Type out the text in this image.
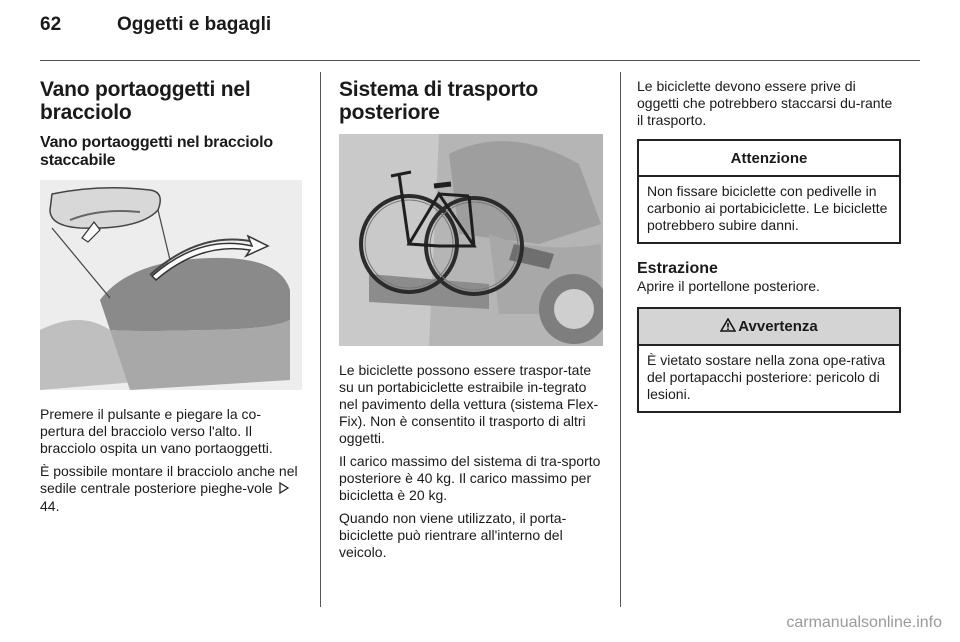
62	Oggetti e bagagli
Vano portaoggetti nel bracciolo
Vano portaoggetti nel bracciolo staccabile

Premere il pulsante e piegare la co-pertura del bracciolo verso l'alto. Il bracciolo ospita un vano portaoggetti.

È possibile montare il bracciolo anche nel sedile centrale posteriore pieghe-vole 44.

Sistema di trasporto posteriore

Le biciclette possono essere traspor-tate su un portabiciclette estraibile in-tegrato nel pavimento della vettura (sistema Flex-Fix). Non è consentito il trasporto di altri oggetti.

Il carico massimo del sistema di tra-sporto posteriore è 40 kg. Il carico massimo per bicicletta è 20 kg.

Quando non viene utilizzato, il porta-biciclette può rientrare all'interno del veicolo.

Le biciclette devono essere prive di oggetti che potrebbero staccarsi du-rante il trasporto.

Attenzione
Non fissare biciclette con pedivelle in carbonio ai portabiciclette. Le biciclette potrebbero subire danni.
Estrazione

Aprire il portellone posteriore.

Avvertenza
È vietato sostare nella zona ope-rativa del portapacchi posteriore: pericolo di lesioni.
carmanualsonline.info
